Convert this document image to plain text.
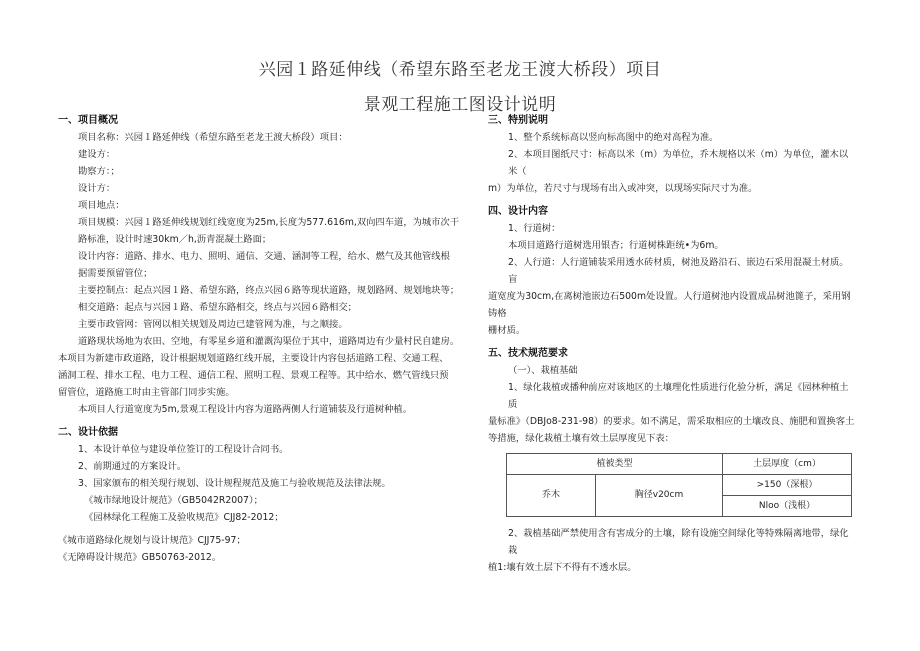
兴园１路延伸线（希望东路至老龙王渡大桥段）项目
景观工程施工图设计说明

一、项目概况

项目名称：兴园１路延伸线（希望东路至老龙王渡大桥段）项目：

建设方：

勘察方：；

设计方：

项目地点：

项目规模：兴园１路延伸线规划红线宽度为25m,长度为577.616m,双向四车道，为城市次干

路标准，设计时速30km／h,沥青混凝土路面；

设计内容：道路、排水、电力、照明、通信、交通、涵洞等工程，给水、燃气及其他管线根

据需要预留管位；

主要控制点：起点兴园１路、希望东路，终点兴园６路等现状道路，规划路网、规划地块等；

相交道路：起点与兴园１路、希望东路相交，终点与兴园６路相交；

主要市政管网：管网以相关规划及周边已建管网为准，与之顺接。

道路现状场地为农田、空地，有零星乡道和灌溉沟渠位于其中，道路周边有少量村民自建房。

本项目为新建市政道路，设计根据规划道路红线开展，主要设计内容包括道路工程、交通工程、

涵洞工程、排水工程、电力工程、通信工程、照明工程、景观工程等。其中给水、燃气管线只预

留管位，道路施工时由主管部门同步实施。

本项目人行道宽度为5m,景观工程设计内容为道路两侧人行道铺装及行道树种植。

二、设计依据

1、本设计单位与建设单位签订的工程设计合同书。

2、前期通过的方案设计。

3、国家颁布的相关现行规划、设计规程规范及施工与验收规范及法律法规。

《城市绿地设计规范》（GB5042R2007）；

《园林绿化工程施工及验收规范》CJJ82-2012；

《城市道路绿化规划与设计规范》CJJ75-97；

《无障碍设计规范》GB50763-2012。

三、特别说明

1、整个系统标高以竖向标高图中的绝对高程为准。

2、本项目图纸尺寸：标高以米（m）为单位，乔木规格以米（m）为单位，灌木以米（

m）为单位，若尺寸与现场有出入或冲突，以现场实际尺寸为准。

四、设计内容

1、行道树：

本项目道路行道树选用银杏；行道树株距统•为6m。

2、人行道：人行道铺装采用透水砖材质，树池及路沿石、嵌边石采用混凝土材质。盲

道宽度为30cm,在离树池嵌边石500m处设置。人行道树池内设置成品树池篦子，采用钢铸格

栅材质。

五、技术规范要求

（一）、栽植基础

1、绿化栽植或播种前应对该地区的土壤理化性质进行化验分析，满足《园林种植土质

量标准》（DBJo8-231-98）的要求。如不满足，需采取相应的土壤改良、施肥和置换客土

等措施，绿化栽植土壤有效土层厚度见下表：

植被类型		土层厚度（cm）
乔木	胸径v20cm	>150（深根）
		Nloo（浅根）

2、栽植基础严禁使用含有害成分的土壤，除有设施空间绿化等特殊隔离地带，绿化栽

植1:壤有效土层下不得有不透水层。
